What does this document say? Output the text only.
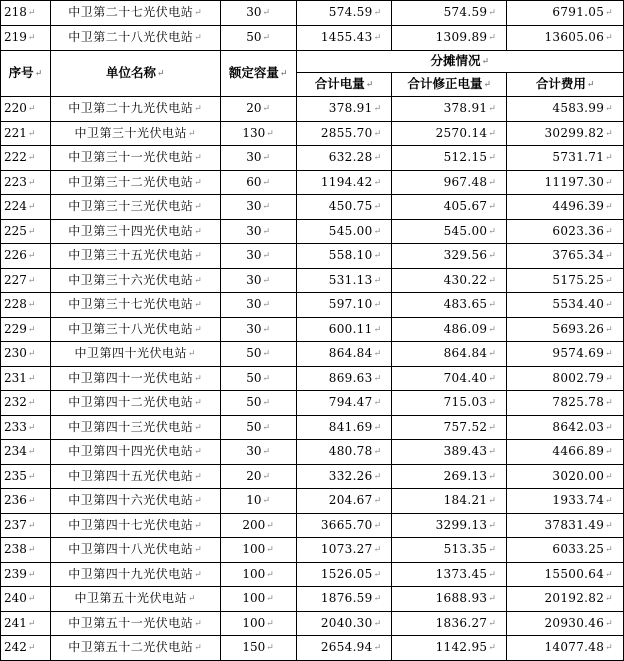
218↵	中卫第二十七光伏电站↵	30↵	574.59↵	574.59↵	6791.05↵
219↵	中卫第二十八光伏电站↵	50↵	1455.43↵	1309.89↵	13605.06↵
序号↵	单位名称↵	额定容量↵	分摊情况↵		
			合计电量↵	合计修正电量↵	合计费用↵
220↵	中卫第二十九光伏电站↵	20↵	378.91↵	378.91↵	4583.99↵
221↵	中卫第三十光伏电站↵	130↵	2855.70↵	2570.14↵	30299.82↵
222↵	中卫第三十一光伏电站↵	30↵	632.28↵	512.15↵	5731.71↵
223↵	中卫第三十二光伏电站↵	60↵	1194.42↵	967.48↵	11197.30↵
224↵	中卫第三十三光伏电站↵	30↵	450.75↵	405.67↵	4496.39↵
225↵	中卫第三十四光伏电站↵	30↵	545.00↵	545.00↵	6023.36↵
226↵	中卫第三十五光伏电站↵	30↵	558.10↵	329.56↵	3765.34↵
227↵	中卫第三十六光伏电站↵	30↵	531.13↵	430.22↵	5175.25↵
228↵	中卫第三十七光伏电站↵	30↵	597.10↵	483.65↵	5534.40↵
229↵	中卫第三十八光伏电站↵	30↵	600.11↵	486.09↵	5693.26↵
230↵	中卫第四十光伏电站↵	50↵	864.84↵	864.84↵	9574.69↵
231↵	中卫第四十一光伏电站↵	50↵	869.63↵	704.40↵	8002.79↵
232↵	中卫第四十二光伏电站↵	50↵	794.47↵	715.03↵	7825.78↵
233↵	中卫第四十三光伏电站↵	50↵	841.69↵	757.52↵	8642.03↵
234↵	中卫第四十四光伏电站↵	30↵	480.78↵	389.43↵	4466.89↵
235↵	中卫第四十五光伏电站↵	20↵	332.26↵	269.13↵	3020.00↵
236↵	中卫第四十六光伏电站↵	10↵	204.67↵	184.21↵	1933.74↵
237↵	中卫第四十七光伏电站↵	200↵	3665.70↵	3299.13↵	37831.49↵
238↵	中卫第四十八光伏电站↵	100↵	1073.27↵	513.35↵	6033.25↵
239↵	中卫第四十九光伏电站↵	100↵	1526.05↵	1373.45↵	15500.64↵
240↵	中卫第五十光伏电站↵	100↵	1876.59↵	1688.93↵	20192.82↵
241↵	中卫第五十一光伏电站↵	100↵	2040.30↵	1836.27↵	20930.46↵
242↵	中卫第五十二光伏电站↵	150↵	2654.94↵	1142.95↵	14077.48↵
